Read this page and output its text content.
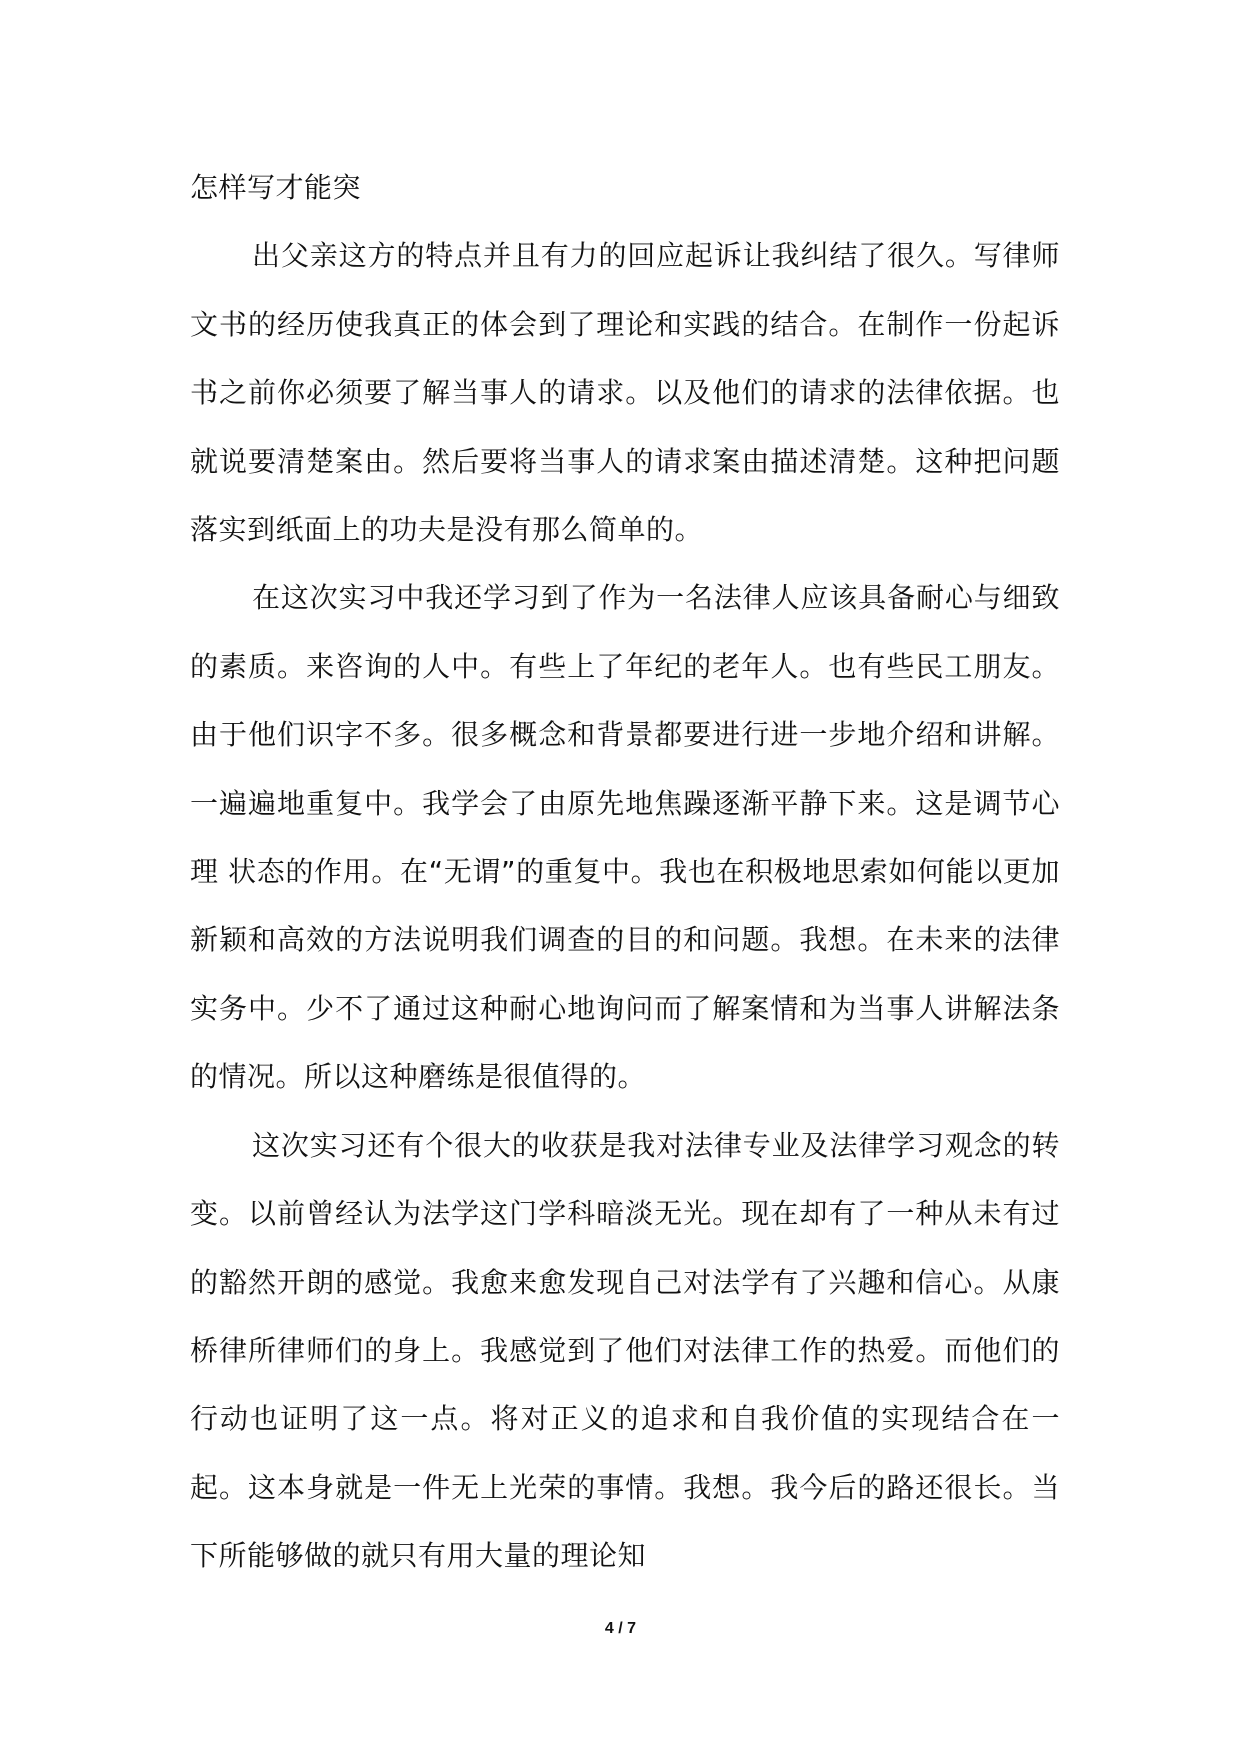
怎样写才能突

出父亲这方的特点并且有力的回应起诉让我纠结了很久。写律师文书的经历使我真正的体会到了理论和实践的结合。在制作一份起诉书之前你必须要了解当事人的请求。以及他们的请求的法律依据。也就说要清楚案由。然后要将当事人的请求案由描述清楚。这种把问题落实到纸面上的功夫是没有那么简单的。

在这次实习中我还学习到了作为一名法律人应该具备耐心与细致的素质。来咨询的人中。有些上了年纪的老年人。也有些民工朋友。由于他们识字不多。很多概念和背景都要进行进一步地介绍和讲解。一遍遍地重复中。我学会了由原先地焦躁逐渐平静下来。这是调节心理 状态的作用。在“无谓”的重复中。我也在积极地思索如何能以更加新颖和高效的方法说明我们调查的目的和问题。我想。在未来的法律实务中。少不了通过这种耐心地询问而了解案情和为当事人讲解法条的情况。所以这种磨练是很值得的。

这次实习还有个很大的收获是我对法律专业及法律学习观念的转变。以前曾经认为法学这门学科暗淡无光。现在却有了一种从未有过的豁然开朗的感觉。我愈来愈发现自己对法学有了兴趣和信心。从康桥律所律师们的身上。我感觉到了他们对法律工作的热爱。而他们的行动也证明了这一点。将对正义的追求和自我价值的实现结合在一起。这本身就是一件无上光荣的事情。我想。我今后的路还很长。当下所能够做的就只有用大量的理论知

4 / 7
